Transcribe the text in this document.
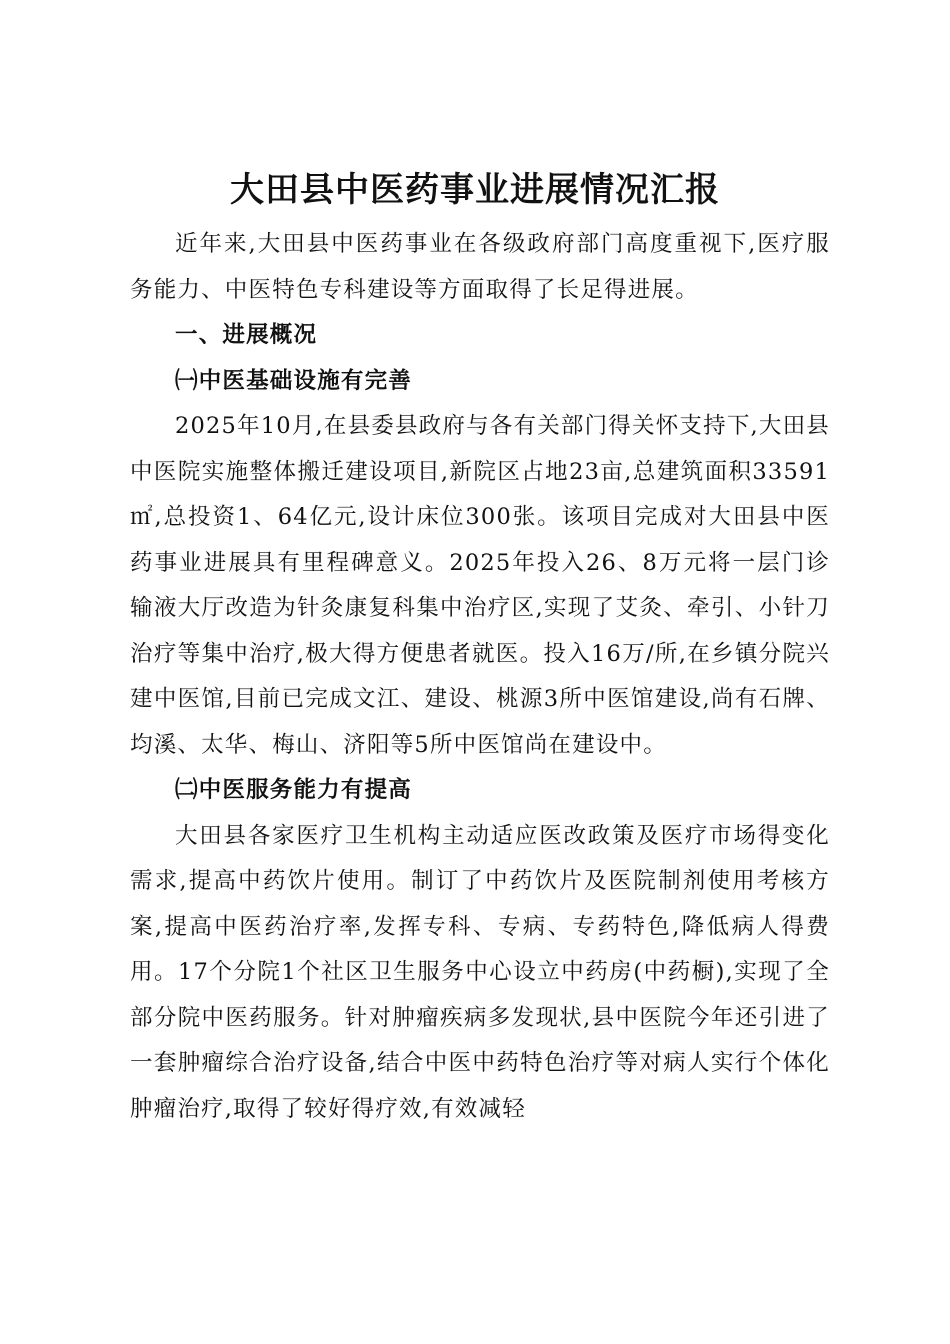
大田县中医药事业进展情况汇报

近年来,大田县中医药事业在各级政府部门高度重视下,医疗服务能力、中医特色专科建设等方面取得了长足得进展。

一、进展概况
㈠中医基础设施有完善

2025年10月,在县委县政府与各有关部门得关怀支持下,大田县中医院实施整体搬迁建设项目,新院区占地23亩,总建筑面积33591㎡,总投资1、64亿元,设计床位300张。该项目完成对大田县中医药事业进展具有里程碑意义。2025年投入26、8万元将一层门诊输液大厅改造为针灸康复科集中治疗区,实现了艾灸、牵引、小针刀治疗等集中治疗,极大得方便患者就医。投入16万/所,在乡镇分院兴建中医馆,目前已完成文江、建设、桃源3所中医馆建设,尚有石牌、均溪、太华、梅山、济阳等5所中医馆尚在建设中。

㈡中医服务能力有提高

大田县各家医疗卫生机构主动适应医改政策及医疗市场得变化需求,提高中药饮片使用。制订了中药饮片及医院制剂使用考核方案,提高中医药治疗率,发挥专科、专病、专药特色,降低病人得费用。17个分院1个社区卫生服务中心设立中药房(中药橱),实现了全部分院中医药服务。针对肿瘤疾病多发现状,县中医院今年还引进了一套肿瘤综合治疗设备,结合中医中药特色治疗等对病人实行个体化肿瘤治疗,取得了较好得疗效,有效减轻
